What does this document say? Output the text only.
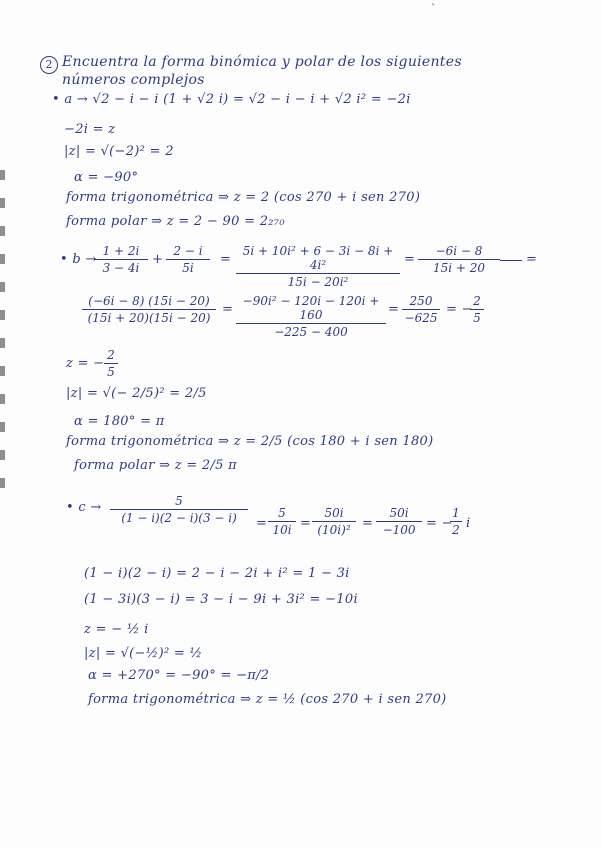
ˋ
2 Encuentra la forma binómica y polar de los siguientes
números complejos
• a → √2 − i − i (1 + √2 i) = √2 − i − i + √2 i² = −2i
−2i = z
|z| = √(−2)² = 2
α = −90°
forma trigonométrica ⇒ z = 2 (cos 270 + i sen 270)
forma polar ⇒ z = 2 − 90 = 2₂₇₀
• b →
$\frac{1 + 2i}{3 - 4i} + \frac{2 - i}{5i} = \frac{\text{5i + 10i² + 6 − 3i − 8i + 4i²}}{\text{15i − 20i²}} = \frac{-6i - 8}{15i + 20}$ =
$\frac{(-6i - 8) (15i - 20)}{(15i + 20)(15i - 20)} = \frac{\text{−90i² − 120i − 120i + 160}}{-225 - 400} = \frac{250}{-625}$ = −
$\frac{2}{5}$
z = − $\frac{2}{5}$
|z| = √(− 2/5)² = 2/5
α = 180° = π
forma trigonométrica ⇒ z = 2/5 (cos 180 + i sen 180)
forma polar ⇒ z = 2/5 π
• $c \to \frac{5}{(1 - i)(2 - i)(3 - i)} = \frac{5}{10i} = \frac{50i}{\text{(10i)²}} = \frac{50i}{-100}$ = −
$\frac{1}{2}$ i
(1 − i)(2 − i) = 2 − i − 2i + i² = 1 − 3i
(1 − 3i)(3 − i) = 3 − i − 9i + 3i² = −10i
z = − ½ i
|z| = √(−½)² = ½
α = +270° = −90° = −π/2
forma trigonométrica ⇒ z = ½ (cos 270 + i sen 270)
